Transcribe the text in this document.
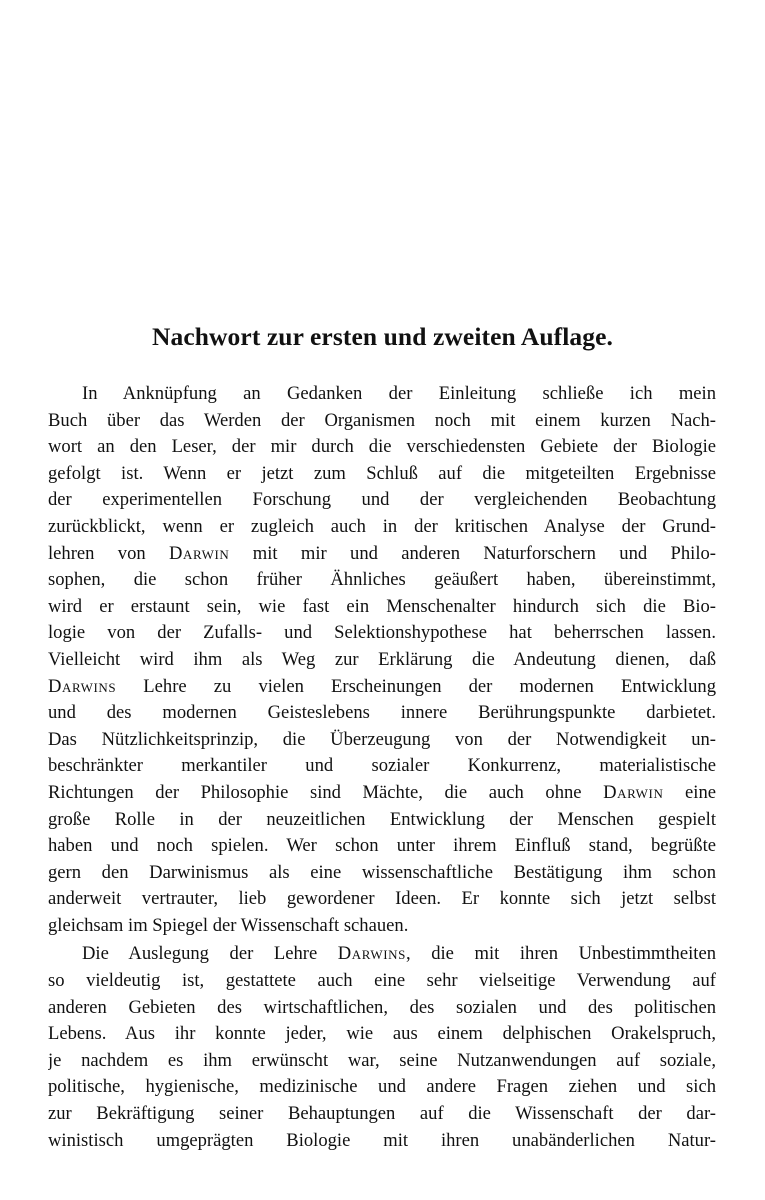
Nachwort zur ersten und zweiten Auflage.
In Anknüpfung an Gedanken der Einleitung schließe ich mein
Buch über das Werden der Organismen noch mit einem kurzen Nach-
wort an den Leser, der mir durch die verschiedensten Gebiete der Biologie
gefolgt ist. Wenn er jetzt zum Schluß auf die mitgeteilten Ergebnisse
der experimentellen Forschung und der vergleichenden Beobachtung
zurückblickt, wenn er zugleich auch in der kritischen Analyse der Grund-
lehren von Darwin mit mir und anderen Naturforschern und Philo-
sophen, die schon früher Ähnliches geäußert haben, übereinstimmt,
wird er erstaunt sein, wie fast ein Menschenalter hindurch sich die Bio-
logie von der Zufalls- und Selektionshypothese hat beherrschen lassen.
Vielleicht wird ihm als Weg zur Erklärung die Andeutung dienen, daß
Darwins Lehre zu vielen Erscheinungen der modernen Entwicklung
und des modernen Geisteslebens innere Berührungspunkte darbietet.
Das Nützlichkeitsprinzip, die Überzeugung von der Notwendigkeit un-
beschränkter merkantiler und sozialer Konkurrenz, materialistische
Richtungen der Philosophie sind Mächte, die auch ohne Darwin eine
große Rolle in der neuzeitlichen Entwicklung der Menschen gespielt
haben und noch spielen. Wer schon unter ihrem Einfluß stand, begrüßte
gern den Darwinismus als eine wissenschaftliche Bestätigung ihm schon
anderweit vertrauter, lieb gewordener Ideen. Er konnte sich jetzt selbst
gleichsam im Spiegel der Wissenschaft schauen.
Die Auslegung der Lehre Darwins, die mit ihren Unbestimmtheiten
so vieldeutig ist, gestattete auch eine sehr vielseitige Verwendung auf
anderen Gebieten des wirtschaftlichen, des sozialen und des politischen
Lebens. Aus ihr konnte jeder, wie aus einem delphischen Orakelspruch,
je nachdem es ihm erwünscht war, seine Nutzanwendungen auf soziale,
politische, hygienische, medizinische und andere Fragen ziehen und sich
zur Bekräftigung seiner Behauptungen auf die Wissenschaft der dar-
winistisch umgeprägten Biologie mit ihren unabänderlichen Natur-
